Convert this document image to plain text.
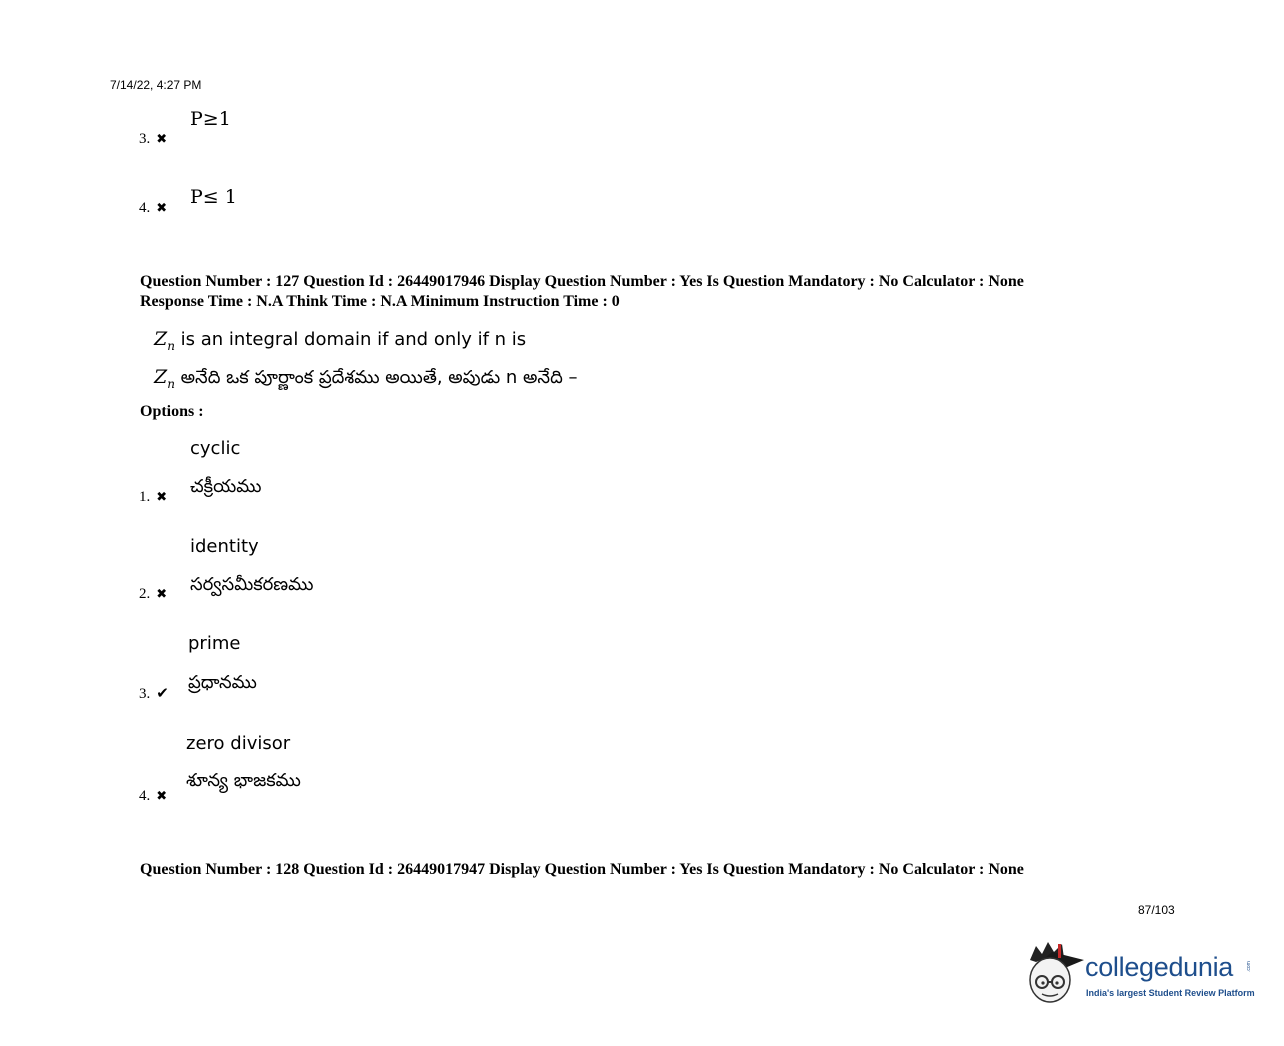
7/14/22, 4:27 PM
P≥1
3. ✖
P≤ 1
4. ✖
Question Number : 127 Question Id : 26449017946 Display Question Number : Yes Is Question Mandatory : No Calculator : None
Response Time : N.A Think Time : N.A Minimum Instruction Time : 0
$Z_n$ is an integral domain if and only if n is
$Z_n$ అనేది ఒక పూర్ణాంక ప్రదేశము అయితే, అపుడు n అనేది –
Options :
cyclic
చక్రీయము
1. ✖
identity
సర్వసమీకరణము
2. ✖
prime
ప్రధానము
3. ✔
zero divisor
శూన్య భాజకము
4. ✖
Question Number : 128 Question Id : 26449017947 Display Question Number : Yes Is Question Mandatory : No Calculator : None
87/103
.com
collegedunia
India's largest Student Review Platform
